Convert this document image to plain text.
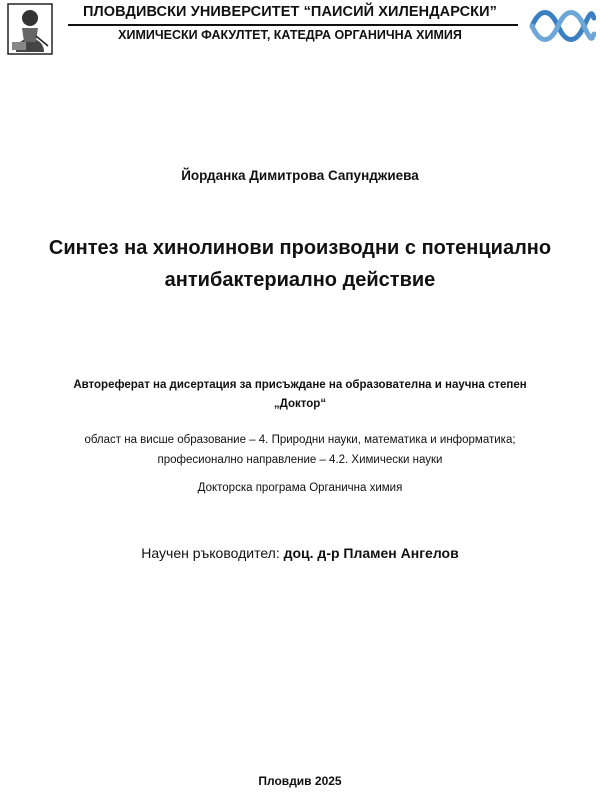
ПЛОВДИВСКИ УНИВЕРСИТЕТ “ПАИСИЙ ХИЛЕНДАРСКИ”
ХИМИЧЕСКИ ФАКУЛТЕТ, КАТЕДРА ОРГАНИЧНА ХИМИЯ
Йорданка Димитрова Сапунджиева
Синтез на хинолинови производни с потенциално
антибактериално действие
Автореферат на дисертация за присъждане на образователна и научна степен
„Доктор“
област на висше образование – 4. Природни науки, математика и информатика;
професионално направление – 4.2. Химически науки
Докторска програма Органична химия
Научен ръководител: доц. д-р Пламен Ангелов
Пловдив 2025
